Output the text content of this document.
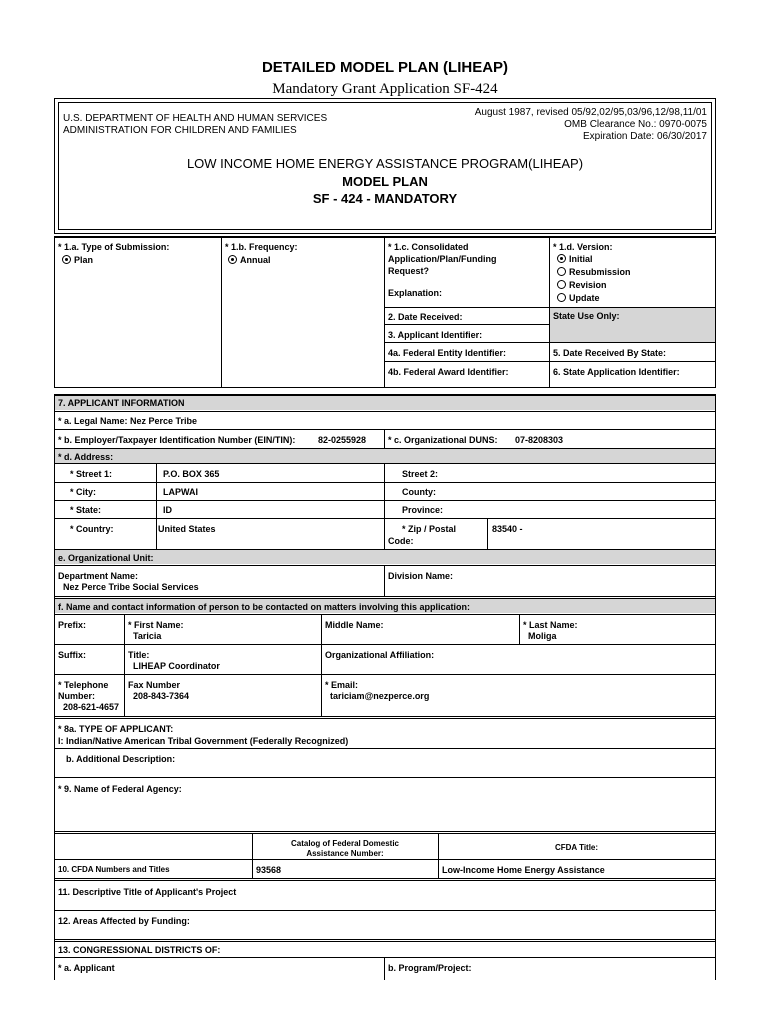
DETAILED MODEL PLAN (LIHEAP)
Mandatory Grant Application SF-424
U.S. DEPARTMENT OF HEALTH AND HUMAN SERVICES
ADMINISTRATION FOR CHILDREN AND FAMILIES
August 1987, revised 05/92,02/95,03/96,12/98,11/01
OMB Clearance No.: 0970-0075
Expiration Date: 06/30/2017
LOW INCOME HOME ENERGY ASSISTANCE PROGRAM(LIHEAP)
MODEL PLAN
SF - 424 - MANDATORY
* 1.a. Type of Submission:
Plan
* 1.b. Frequency:
Annual
* 1.c. Consolidated
Application/Plan/Funding
Request?
Explanation:
* 1.d. Version:
Initial
Resubmission
Revision
Update
2. Date Received:	State Use Only:
3. Applicant Identifier:
4a. Federal Entity Identifier:	5. Date Received By State:
4b. Federal Award Identifier:	6. State Application Identifier:
7. APPLICANT INFORMATION
* a. Legal Name: Nez Perce Tribe
* b. Employer/Taxpayer Identification Number (EIN/TIN):	82-0255928 * c. Organizational DUNS: 07-8208303
* d. Address:
* Street 1:	P.O. BOX 365	Street 2:
* City:	LAPWAI	County:
* State:	ID	Province:
* Country:	United States	* Zip / Postal
Code:
83540 -
e. Organizational Unit:
Department Name:
Nez Perce Tribe Social Services
Division Name:
f. Name and contact information of person to be contacted on matters involving this application:
Prefix:	* First Name:
Taricia
Middle Name:	* Last Name:
Moliga
Suffix:	Title:
LIHEAP Coordinator
Organizational Affiliation:
* Telephone
Number:
208-621-4657
Fax Number
208-843-7364
* Email:
tariciam@nezperce.org
* 8a. TYPE OF APPLICANT:
I: Indian/Native American Tribal Government (Federally Recognized)
b. Additional Description:
* 9. Name of Federal Agency:
Catalog of Federal Domestic
Assistance Number:
CFDA Title:
10. CFDA Numbers and Titles	93568	Low-Income Home Energy Assistance
11. Descriptive Title of Applicant's Project
12. Areas Affected by Funding:
13. CONGRESSIONAL DISTRICTS OF:
* a. Applicant	b. Program/Project:
